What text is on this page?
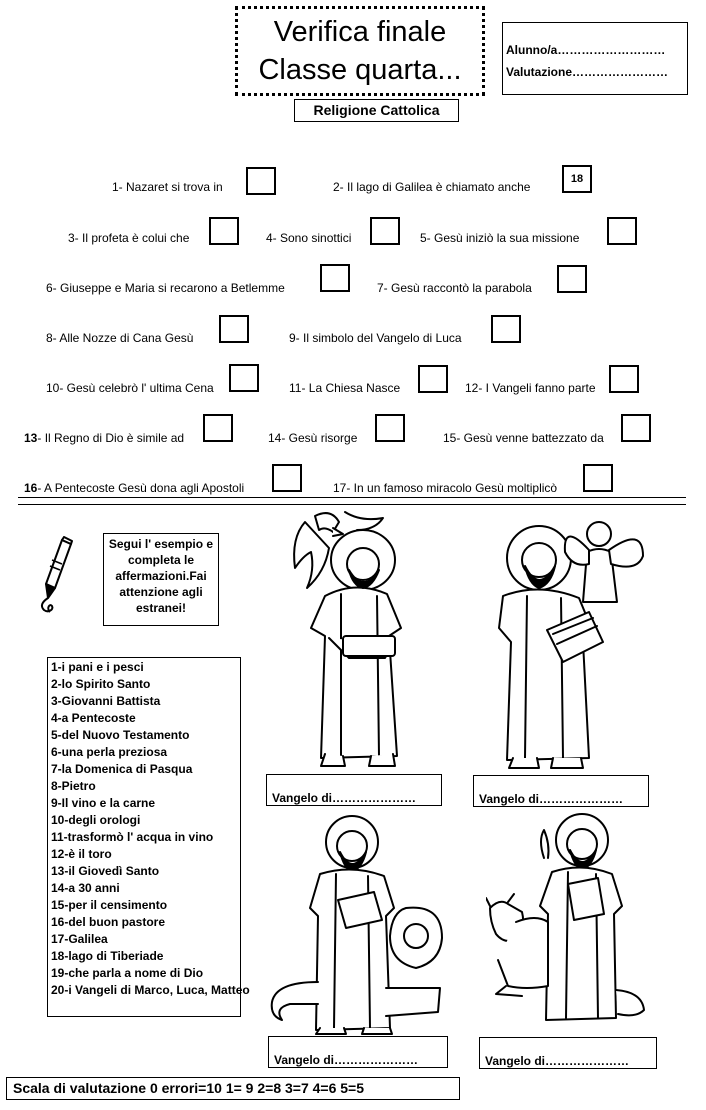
Verifica finale
Classe quarta...
Alunno/a………………………
Valutazione……………………
Religione Cattolica
1- Nazaret si trova in	2- Il lago di Galilea è chiamato anche
18
3- Il profeta è colui che	4- Sono sinottici	5- Gesù iniziò la sua missione
6- Giuseppe e Maria si recarono a Betlemme	7- Gesù raccontò la parabola
8- Alle Nozze di Cana Gesù	9- Il simbolo del Vangelo di Luca
10- Gesù celebrò l' ultima Cena	11- La Chiesa Nasce	12- I Vangeli fanno parte
13- Il Regno di Dio è simile ad	14- Gesù risorge	15- Gesù venne battezzato da
16- A Pentecoste Gesù dona agli Apostoli	17- In un famoso miracolo Gesù moltiplicò
Segui l' esempio e completa le affermazioni.Fai attenzione agli estranei!
1-i pani e i pesci
2-lo Spirito Santo
3-Giovanni Battista
4-a Pentecoste
5-del Nuovo Testamento
6-una perla preziosa
7-la Domenica di Pasqua
8-Pietro
9-Il vino e la carne
10-degli orologi
11-trasformò l' acqua in vino
12-è il toro
13-il Giovedì Santo
14-a 30 anni
15-per il censimento
16-del buon pastore
17-Galilea
18-lago di Tiberiade
19-che parla a nome di Dio
20-i Vangeli di Marco, Luca, Matteo
Vangelo di…………………	Vangelo di…………………
Vangelo di…………………	Vangelo di…………………
Scala di valutazione 0 errori=10 1= 9 2=8 3=7 4=6 5=5
